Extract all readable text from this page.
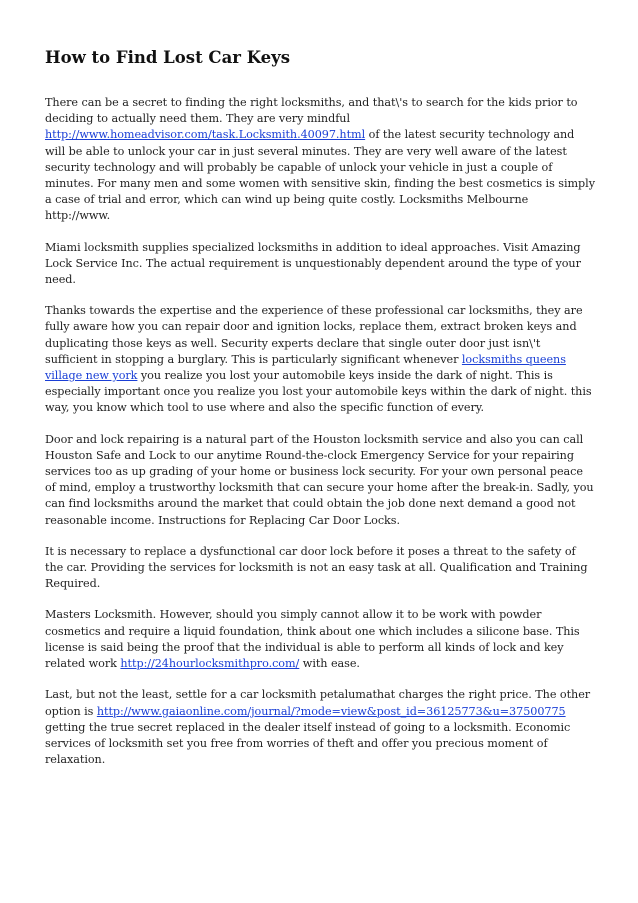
How to Find Lost Car Keys

There can be a secret to finding the right locksmiths, and that\'s to search for the kids prior to deciding to actually need them. They are very mindful http://www.homeadvisor.com/task.Locksmith.40097.html of the latest security technology and will be able to unlock your car in just several minutes. They are very well aware of the latest security technology and will probably be capable of unlock your vehicle in just a couple of minutes. For many men and some women with sensitive skin, finding the best cosmetics is simply a case of trial and error, which can wind up being quite costly. Locksmiths Melbourne http://www.

Miami locksmith supplies specialized locksmiths in addition to ideal approaches. Visit Amazing Lock Service Inc. The actual requirement is unquestionably dependent around the type of your need.

Thanks towards the expertise and the experience of these professional car locksmiths, they are fully aware how you can repair door and ignition locks, replace them, extract broken keys and duplicating those keys as well. Security experts declare that single outer door just isn\'t sufficient in stopping a burglary. This is particularly significant whenever locksmiths queens village new york you realize you lost your automobile keys inside the dark of night. This is especially important once you realize you lost your automobile keys within the dark of night. this way, you know which tool to use where and also the specific function of every.

Door and lock repairing is a natural part of the Houston locksmith service and also you can call Houston Safe and Lock to our anytime Round-the-clock Emergency Service for your repairing services too as up grading of your home or business lock security. For your own personal peace of mind, employ a trustworthy locksmith that can secure your home after the break-in. Sadly, you can find locksmiths around the market that could obtain the job done next demand a good not reasonable income. Instructions for Replacing Car Door Locks.

It is necessary to replace a dysfunctional car door lock before it poses a threat to the safety of the car. Providing the services for locksmith is not an easy task at all. Qualification and Training Required.

Masters Locksmith. However, should you simply cannot allow it to be work with powder cosmetics and require a liquid foundation, think about one which includes a silicone base. This license is said being the proof that the individual is able to perform all kinds of lock and key related work http://24hourlocksmithpro.com/ with ease.

Last, but not the least, settle for a car locksmith petalumathat charges the right price. The other option is http://www.gaiaonline.com/journal/?mode=view&post_id=36125773&u=37500775 getting the true secret replaced in the dealer itself instead of going to a locksmith. Economic services of locksmith set you free from worries of theft and offer you precious moment of relaxation.
